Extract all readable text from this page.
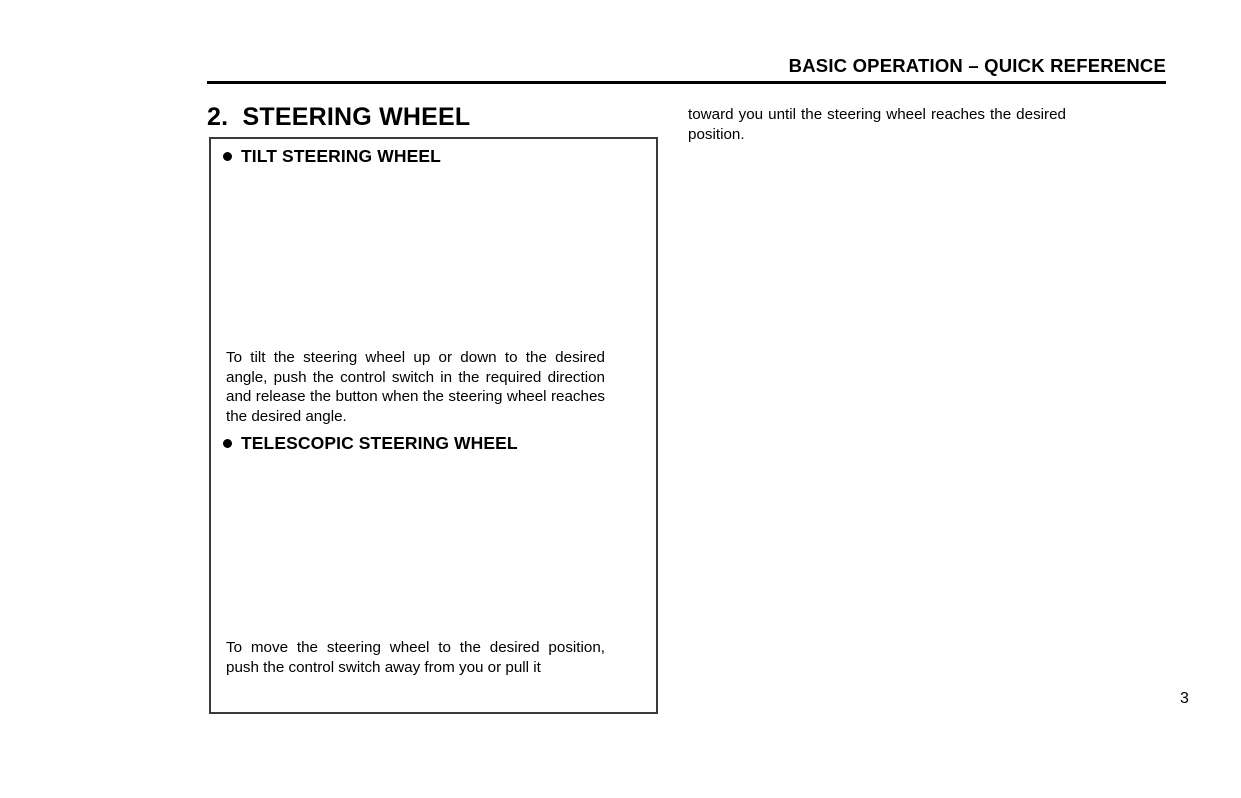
BASIC OPERATION – QUICK REFERENCE
2.  STEERING WHEEL
TILT STEERING WHEEL
To tilt the steering wheel up or down to the desired angle, push the control switch in the required direction and release the button when the steering wheel reaches the desired angle.
TELESCOPIC STEERING WHEEL
To move the steering wheel to the desired position, push the control switch away from you or pull it
toward you until the steering wheel reaches the desired position.
3
